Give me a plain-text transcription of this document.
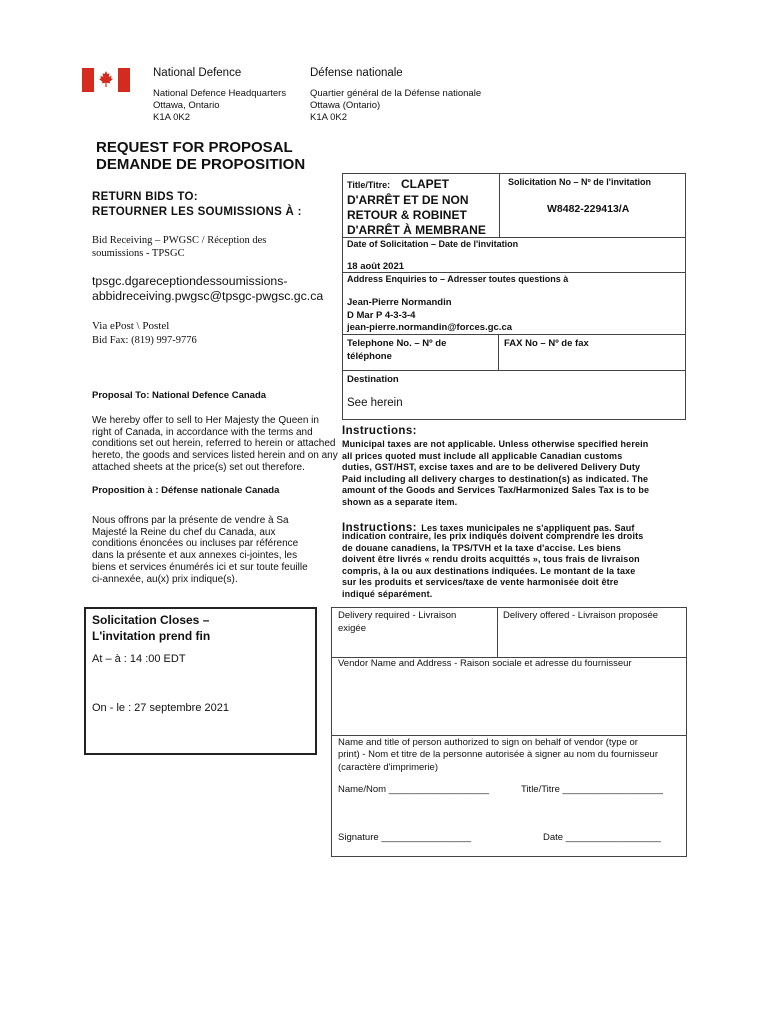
National Defence	Défense nationale
National Defence Headquarters
Ottawa, Ontario
K1A 0K2
Quartier général de la Défense nationale
Ottawa (Ontario)
K1A 0K2
REQUEST FOR PROPOSAL
DEMANDE DE PROPOSITION
RETURN BIDS TO:
RETOURNER LES SOUMISSIONS À :
Bid Receiving – PWGSC / Réception des
soumissions - TPSGC
tpsgc.dgareceptiondessoumissions-
abbidreceiving.pwgsc@tpsgc-pwgsc.gc.ca
Via ePost \ Postel
Bid Fax: (819) 997-9776
Proposal To: National Defence Canada
We hereby offer to sell to Her Majesty the Queen in
right of Canada, in accordance with the terms and
conditions set out herein, referred to herein or attached
hereto, the goods and services listed herein and on any
attached sheets at the price(s) set out therefore.
Proposition à : Défense nationale Canada
Nous offrons par la présente de vendre à Sa
Majesté la Reine du chef du Canada, aux
conditions énoncées ou incluses par référence
dans la présente et aux annexes ci-jointes, les
biens et services énumérés ici et sur toute feuille
ci-annexée, au(x) prix indique(s).
Solicitation Closes –
L'invitation prend fin
At – à : 14 :00 EDT
On - le : 27 septembre 2021
Title/Titre: CLAPET
D'ARRÊT ET DE NON
RETOUR & ROBINET
D'ARRÊT À MEMBRANE
Solicitation No – Nº de l'invitation
W8482-229413/A
Date of Solicitation – Date de l'invitation
18 août 2021
Address Enquiries to – Adresser toutes questions à
Jean-Pierre Normandin
D Mar P 4-3-3-4
jean-pierre.normandin@forces.gc.ca
Telephone No. – Nº de
téléphone
FAX No – Nº de fax
Destination
See herein
Instructions:
Municipal taxes are not applicable. Unless otherwise specified herein
all prices quoted must include all applicable Canadian customs
duties, GST/HST, excise taxes and are to be delivered Delivery Duty
Paid including all delivery charges to destination(s) as indicated. The
amount of the Goods and Services Tax/Harmonized Sales Tax is to be
shown as a separate item.
Instructions: Les taxes municipales ne s'appliquent pas. Sauf
indication contraire, les prix indiqués doivent comprendre les droits
de douane canadiens, la TPS/TVH et la taxe d'accise. Les biens
doivent être livrés « rendu droits acquittés », tous frais de livraison
compris, à la ou aux destinations indiquées. Le montant de la taxe
sur les produits et services/taxe de vente harmonisée doit être
indiqué séparément.
Delivery required - Livraison
exigée
Delivery offered - Livraison proposée
Vendor Name and Address - Raison sociale et adresse du fournisseur
Name and title of person authorized to sign on behalf of vendor (type or
print) - Nom et titre de la personne autorisée à signer au nom du fournisseur
(caractère d'imprimerie)
Name/Nom ___________________	Title/Titre ___________________
Signature _________________	Date __________________
